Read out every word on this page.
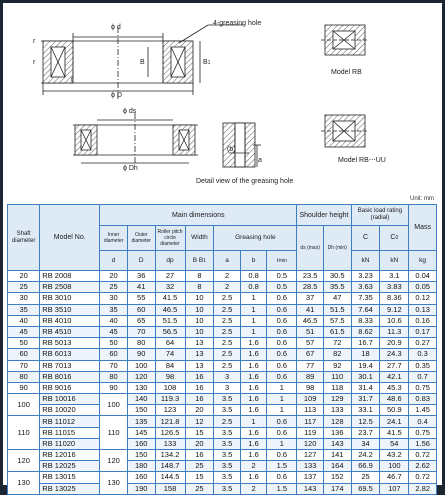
ϕ d
4-greasing hole
r
r
r
B	B1
ϕ D
Model RB
ϕ ds
ϕ Dh
(b)
a	Model RB⋯UU
Detail view of the greasing hole
Unit: mm
Shaft diameter	Model No.	Main dimensions							Shoulder height		Basic load rating (radial)		Mass
		Inner diameter	Outer diameter	Roller pitch circle diameter	Width	Greasing hole			ds (max)	Dh (min)	C	C0	
		d	D	dp	B B1	a	b	rmin			kN	kN	kg
20	RB 2008	20	36	27	8	2	0.8	0.5	23.5	30.5	3.23	3.1	0.04
25	RB 2508	25	41	32	8	2	0.8	0.5	28.5	35.5	3.63	3.83	0.05
30	RB 3010	30	55	41.5	10	2.5	1	0.6	37	47	7.35	8.36	0.12
35	RB 3510	35	60	46.5	10	2.5	1	0.6	41	51.5	7.64	9.12	0.13
40	RB 4010	40	65	51.5	10	2.5	1	0.6	46.5	57.5	8.33	10.6	0.16
45	RB 4510	45	70	56.5	10	2.5	1	0.6	51	61.5	8.62	11.3	0.17
50	RB 5013	50	80	64	13	2.5	1.6	0.6	57	72	16.7	20.9	0.27
60	RB 6013	60	90	74	13	2.5	1.6	0.6	67	82	18	24.3	0.3
70	RB 7013	70	100	84	13	2.5	1.6	0.6	77	92	19.4	27.7	0.35
80	RB 8016	80	120	98	16	3	1.6	0.6	89	110	30.1	42.1	0.7
90	RB 9016	90	130	108	16	3	1.6	1	98	118	31.4	45.3	0.75
100	RB 10016	100	140	119.3	16	3.5	1.6	1	109	129	31.7	48.6	0.83
	RB 10020		150	123	20	3.5	1.6	1	113	133	33.1	50.9	1.45
110	RB 11012	110	135	121.8	12	2.5	1	0.6	117	128	12.5	24.1	0.4
	RB 11015		145	126.5	15	3.5	1.6	0.6	119	136	23.7	41.5	0.75
	RB 11020		160	133	20	3.5	1.6	1	120	143	34	54	1.56
120	RB 12016	120	150	134.2	16	3.5	1.6	0.6	127	141	24.2	43.2	0.72
	RB 12025		180	148.7	25	3.5	2	1.5	133	164	66.9	100	2.62
130	RB 13015	130	160	144.5	15	3.5	1.6	0.6	137	152	25	46.7	0.72
	RB 13025		190	158	25	3.5	2	1.5	143	174	69.5	107	2.82
